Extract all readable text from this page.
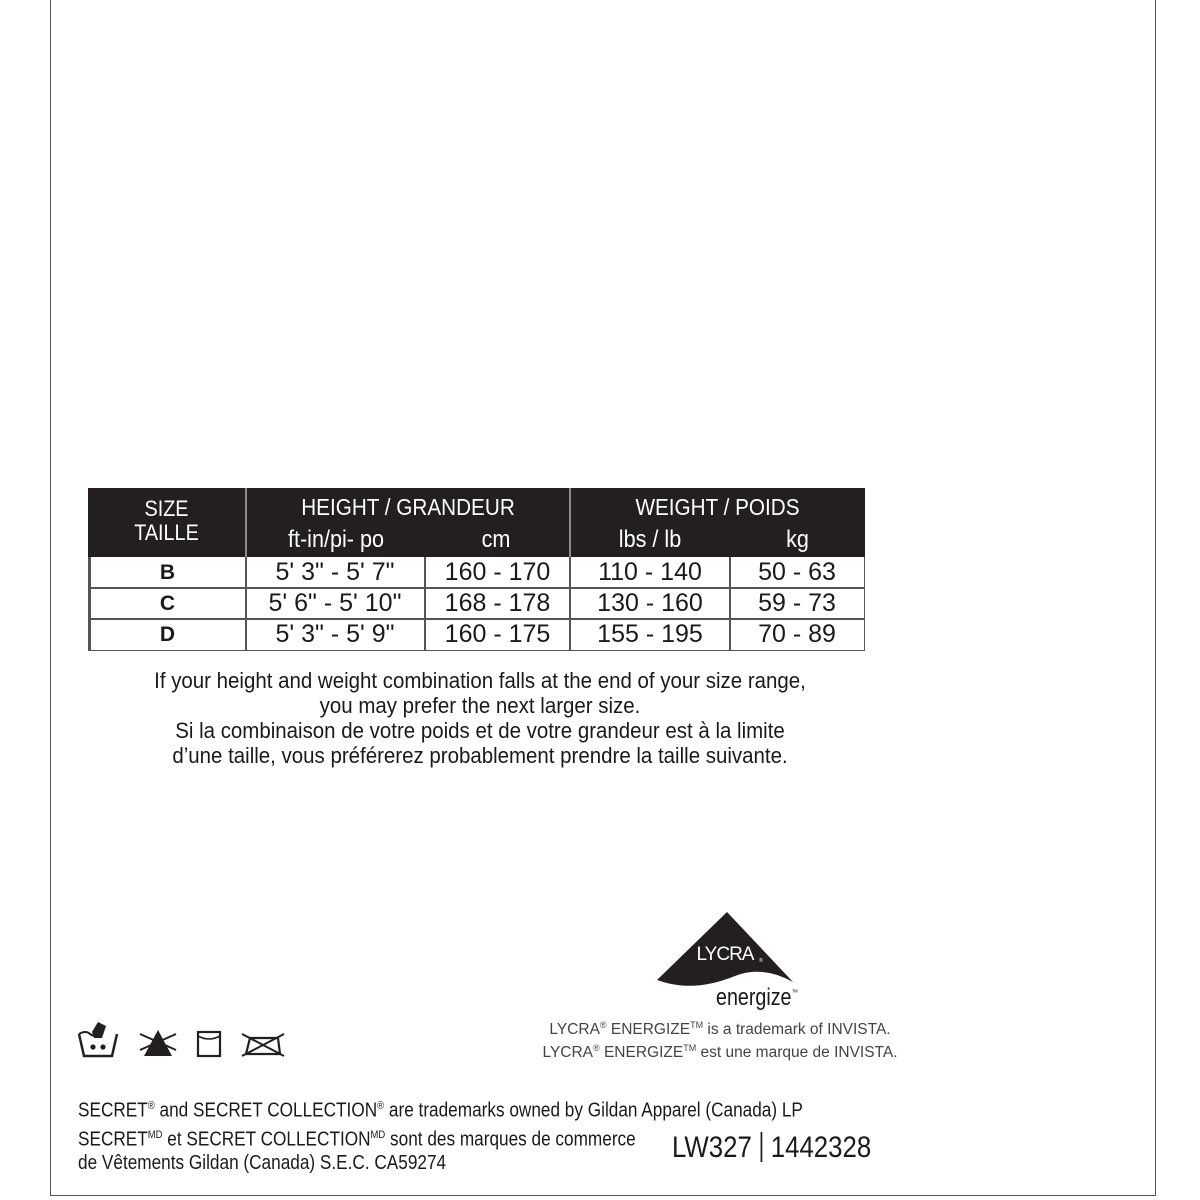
SIZE
TAILLE
HEIGHT / GRANDEUR
ft-in/pi- po	cm
WEIGHT / POIDS
lbs / lb	kg
B	5' 3" - 5' 7"	160 - 170	110 - 140	50 - 63
C	5' 6" - 5' 10"	168 - 178	130 - 160	59 - 73
D	5' 3" - 5' 9"	160 - 175	155 - 195	70 - 89
If your height and weight combination falls at the end of your size range,
you may prefer the next larger size.
Si la combinaison de votre poids et de votre grandeur est à la limite
d’une taille, vous préférerez probablement prendre la taille suivante.
LYCRA ®
energize™
LYCRA® ENERGIZE™ is a trademark of INVISTA.
LYCRA® ENERGIZE™ est une marque de INVISTA.
SECRET® and SECRET COLLECTION® are trademarks owned by Gildan Apparel (Canada) LP
$SECRET^{MD}$ et SECRET $COLLECTION^{MD}$ sont des marques de commerce
de Vêtements Gildan (Canada) S.E.C. CA59274	LW327 1442328
